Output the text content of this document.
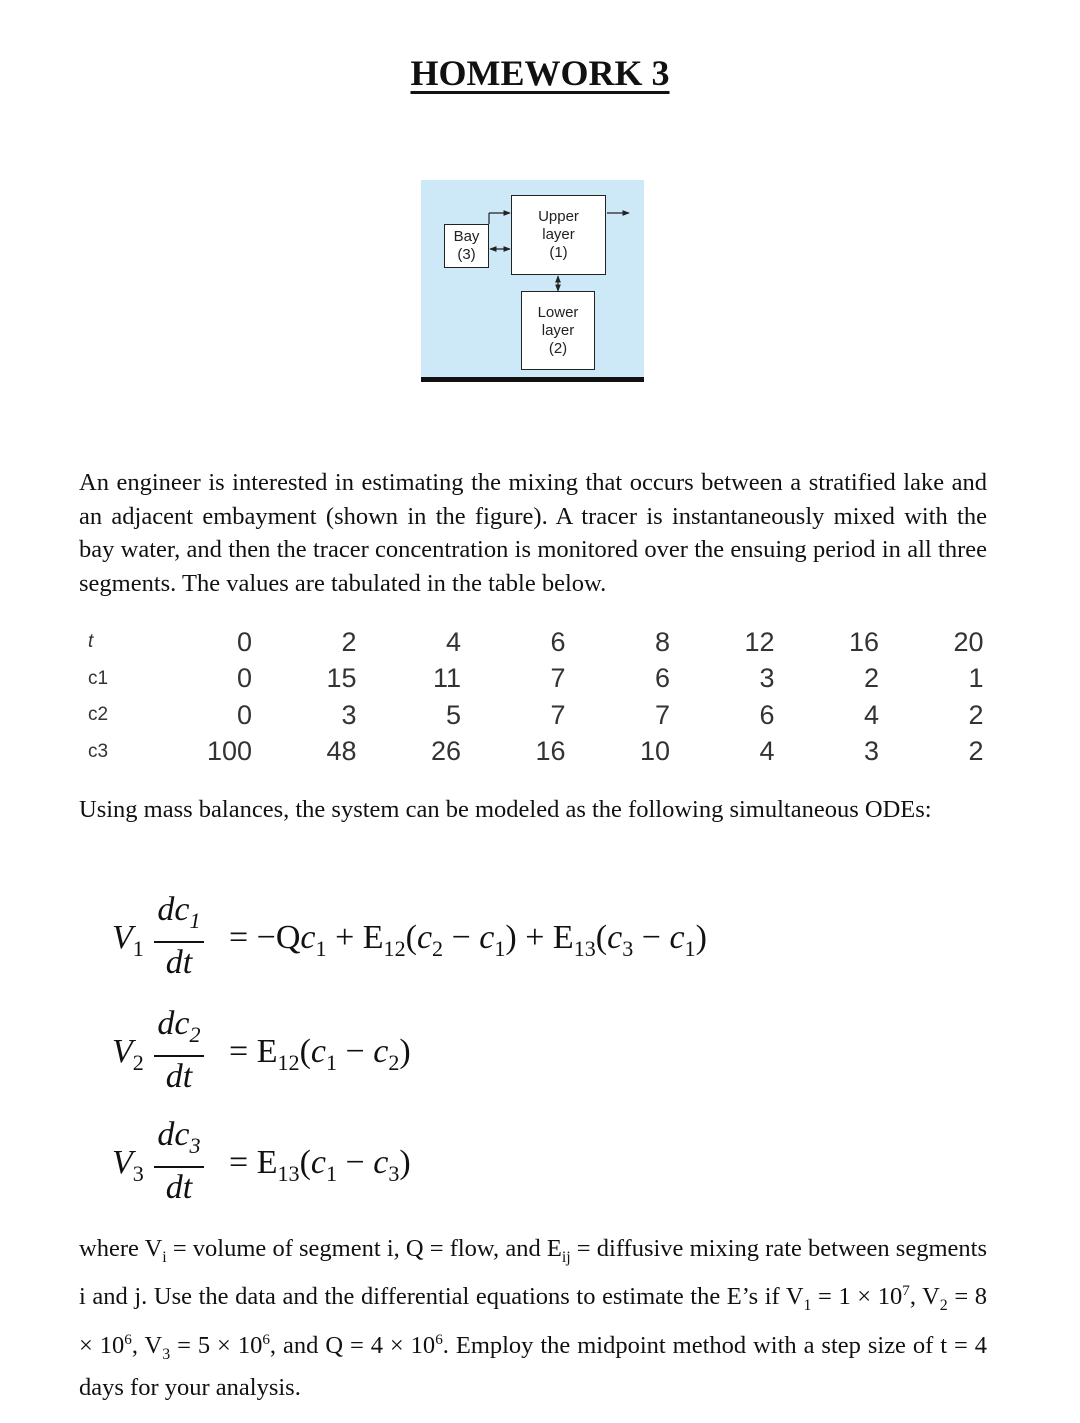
HOMEWORK 3
Bay
(3)
Upper
layer
(1)
Lower
layer
(2)
An engineer is interested in estimating the mixing that occurs between a stratified lake and an adjacent embayment (shown in the figure). A tracer is instantaneously mixed with the bay water, and then the tracer concentration is monitored over the ensuing period in all three segments. The values are tabulated in the table below.
t	0	2	4	6	8	12	16	20
c1	0	15	11	7	6	3	2	1
c2	0	3	5	7	7	6	4	2
c3	100	48	26	16	10	4	3	2
Using mass balances, the system can be modeled as the following simultaneous ODEs:
$V_1$
$dc_1$
dt
= $-Qc_1 + E_{12}(c_2 - c_1) + E_{13}(c_3 - c_1)$
$V_2$
$dc_2$
dt
= $E_{12}(c_1 - c_2)$
$V_3$
$dc_3$
dt
= $E_{13}(c_1 - c_3)$
where $V_i$ = volume of segment i, Q = flow, and $E_{ij}$ = diffusive mixing rate between segments i and j. Use the data and the differential equations to estimate the E’s if $V_1 = 1 \times 10^7$, $V_2 = 8 \times 10^6$, $V_3 = 5 \times 10^6$, and $Q = 4 \times 10^6$. Employ the midpoint method with a step size of t = 4 days for your analysis.
